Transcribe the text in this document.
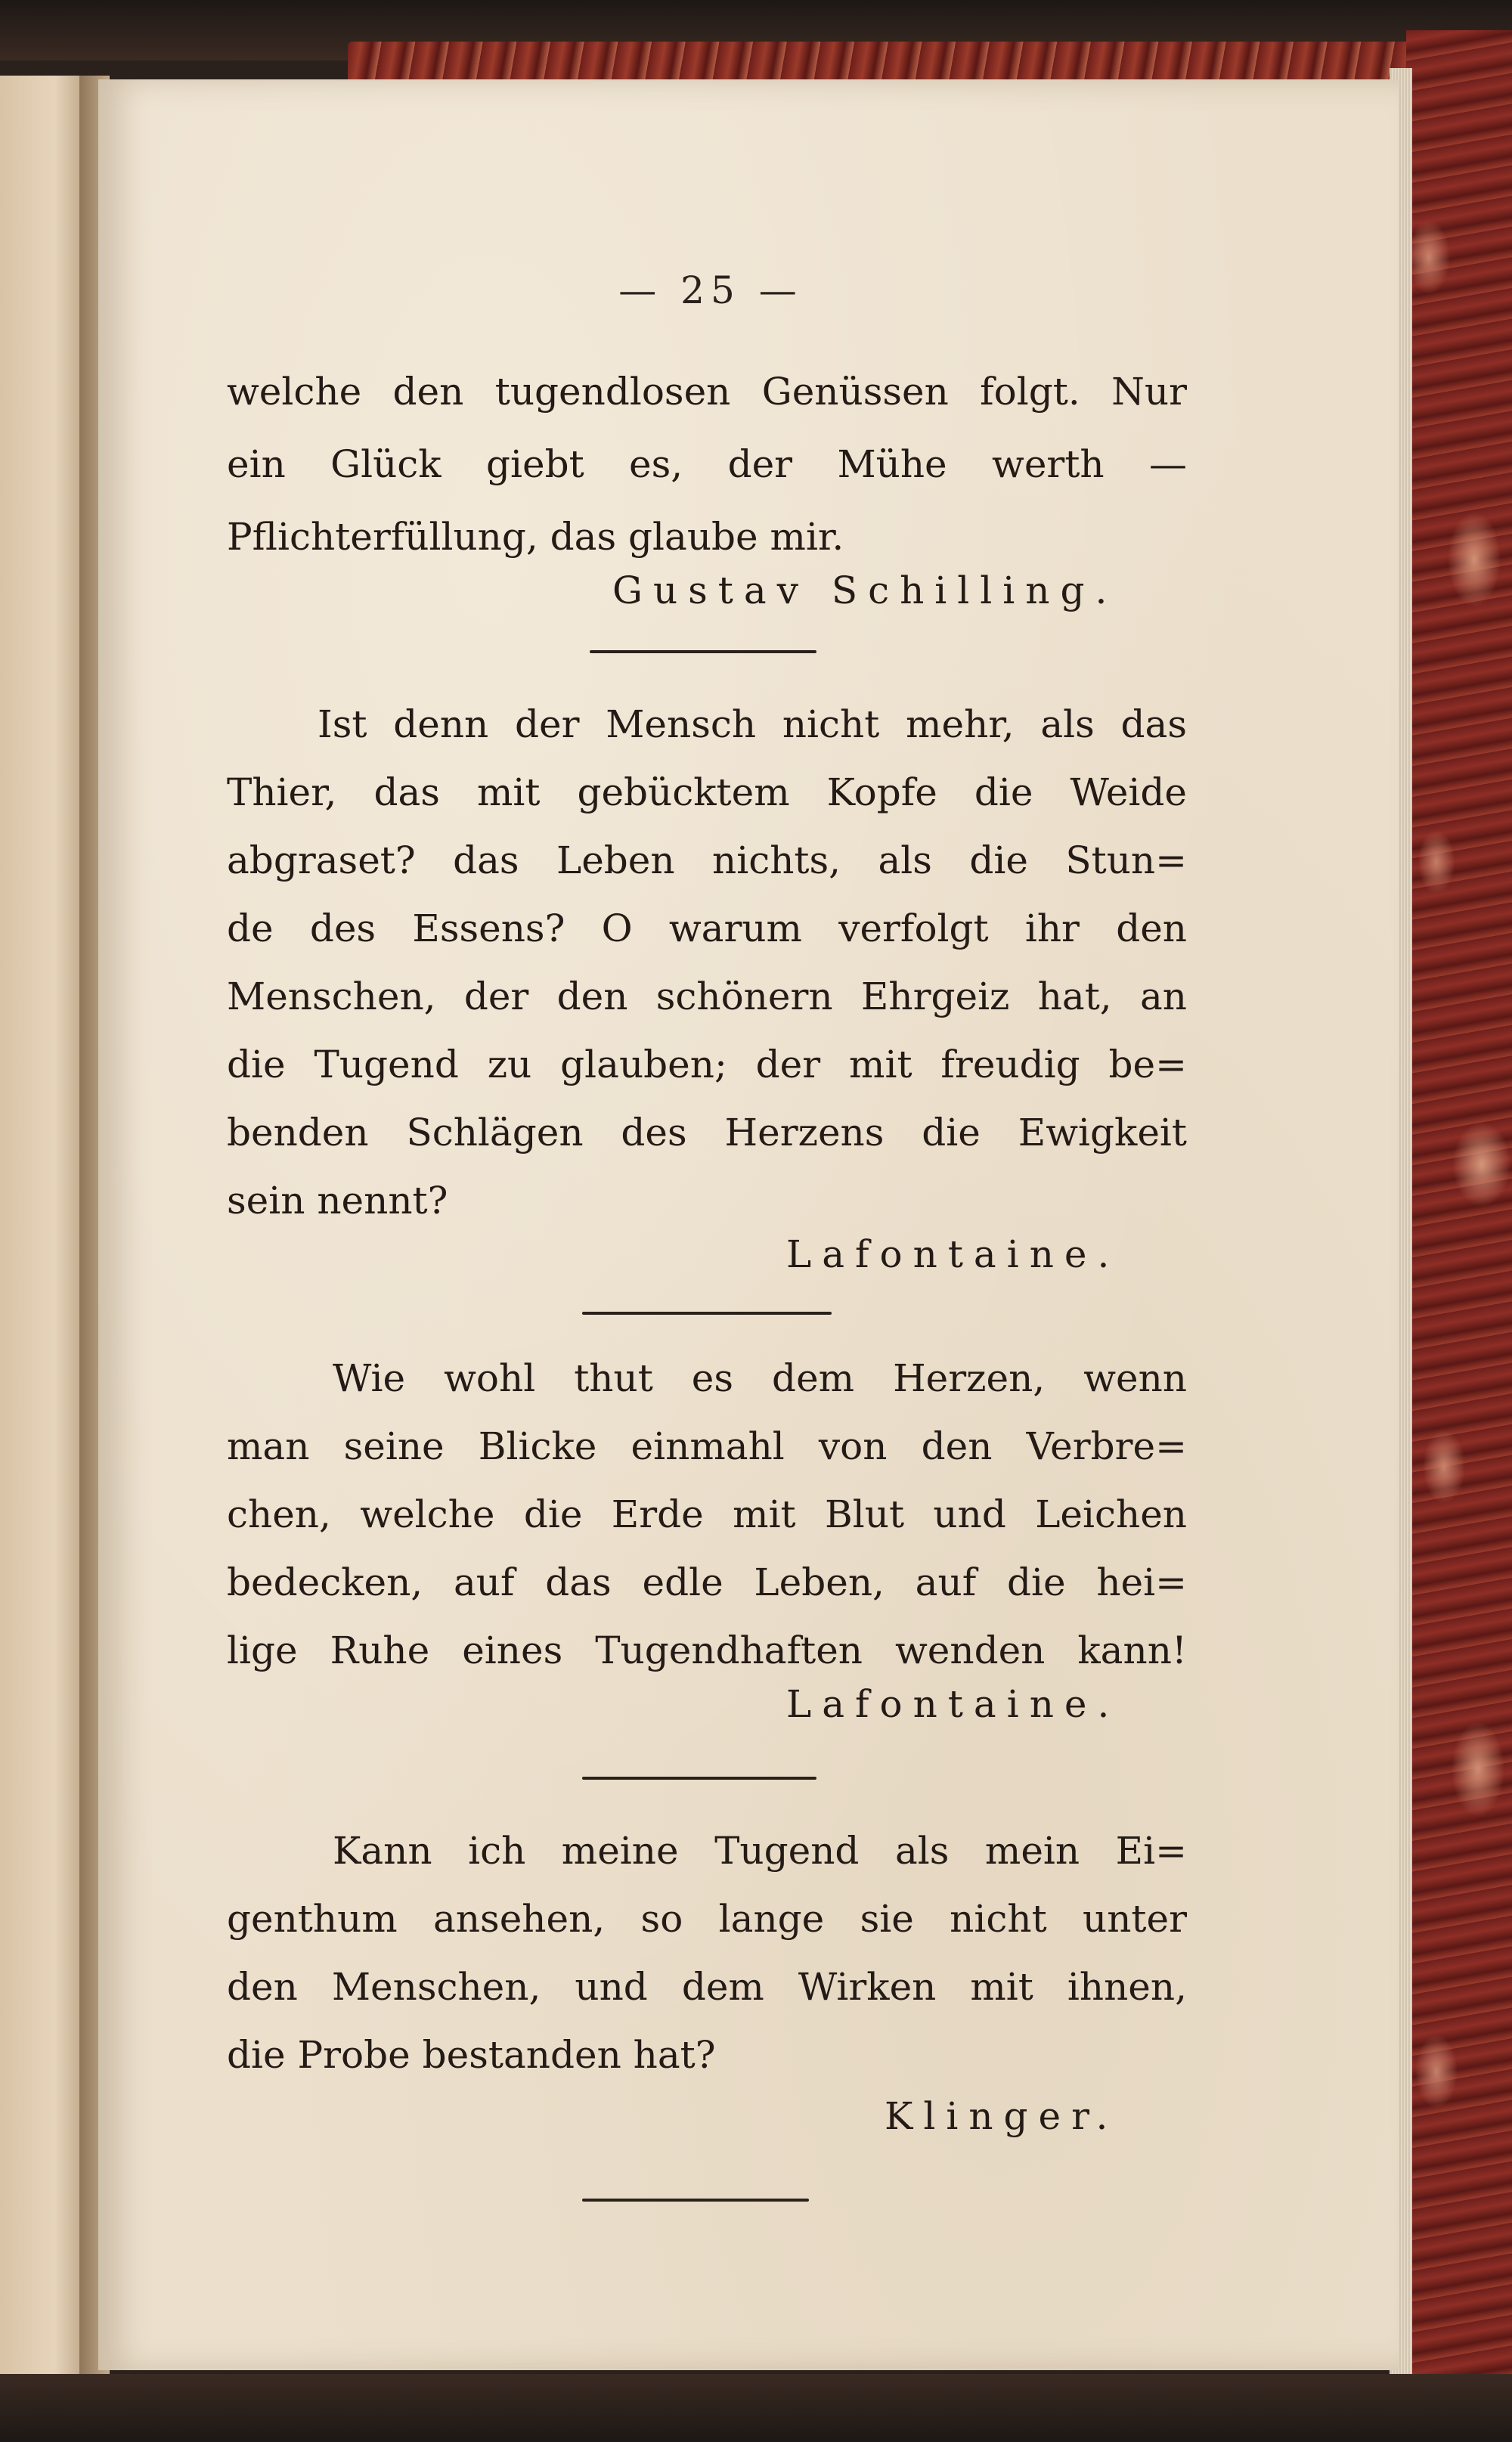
— 25 —
welche den tugendlosen Genüssen folgt. Nur
ein Glück giebt es, der Mühe werth —
Pflichterfüllung, das glaube mir.
Gustav Schilling.
Ist denn der Mensch nicht mehr, als das
Thier, das mit gebücktem Kopfe die Weide
abgraset? das Leben nichts, als die Stun=
de des Essens? O warum verfolgt ihr den
Menschen, der den schönern Ehrgeiz hat, an
die Tugend zu glauben; der mit freudig be=
benden Schlägen des Herzens die Ewigkeit
sein nennt?
Lafontaine.
Wie wohl thut es dem Herzen, wenn
man seine Blicke einmahl von den Verbre=
chen, welche die Erde mit Blut und Leichen
bedecken, auf das edle Leben, auf die hei=
lige Ruhe eines Tugendhaften wenden kann!
Lafontaine.
Kann ich meine Tugend als mein Ei=
genthum ansehen, so lange sie nicht unter
den Menschen, und dem Wirken mit ihnen,
die Probe bestanden hat?
Klinger.
